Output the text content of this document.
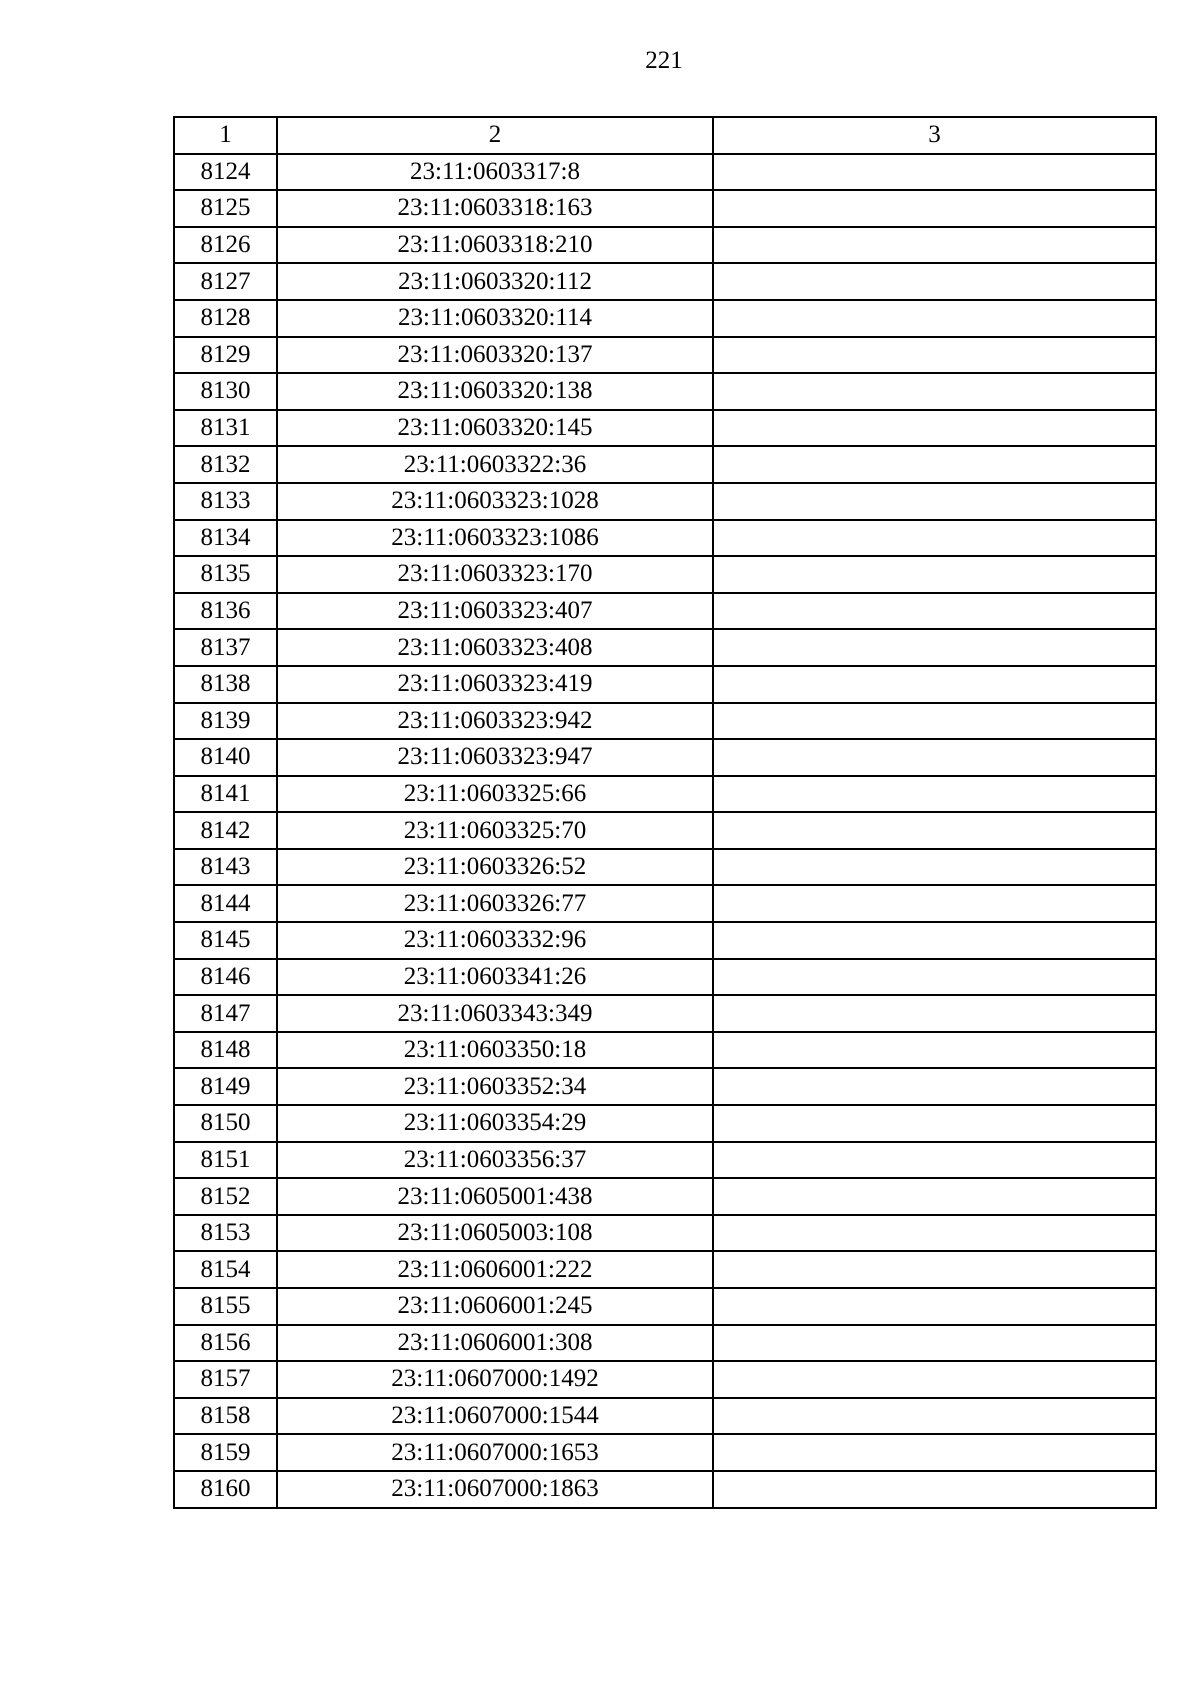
221
1	2	3
8124	23:11:0603317:8	
8125	23:11:0603318:163	
8126	23:11:0603318:210	
8127	23:11:0603320:112	
8128	23:11:0603320:114	
8129	23:11:0603320:137	
8130	23:11:0603320:138	
8131	23:11:0603320:145	
8132	23:11:0603322:36	
8133	23:11:0603323:1028	
8134	23:11:0603323:1086	
8135	23:11:0603323:170	
8136	23:11:0603323:407	
8137	23:11:0603323:408	
8138	23:11:0603323:419	
8139	23:11:0603323:942	
8140	23:11:0603323:947	
8141	23:11:0603325:66	
8142	23:11:0603325:70	
8143	23:11:0603326:52	
8144	23:11:0603326:77	
8145	23:11:0603332:96	
8146	23:11:0603341:26	
8147	23:11:0603343:349	
8148	23:11:0603350:18	
8149	23:11:0603352:34	
8150	23:11:0603354:29	
8151	23:11:0603356:37	
8152	23:11:0605001:438	
8153	23:11:0605003:108	
8154	23:11:0606001:222	
8155	23:11:0606001:245	
8156	23:11:0606001:308	
8157	23:11:0607000:1492	
8158	23:11:0607000:1544	
8159	23:11:0607000:1653	
8160	23:11:0607000:1863	
